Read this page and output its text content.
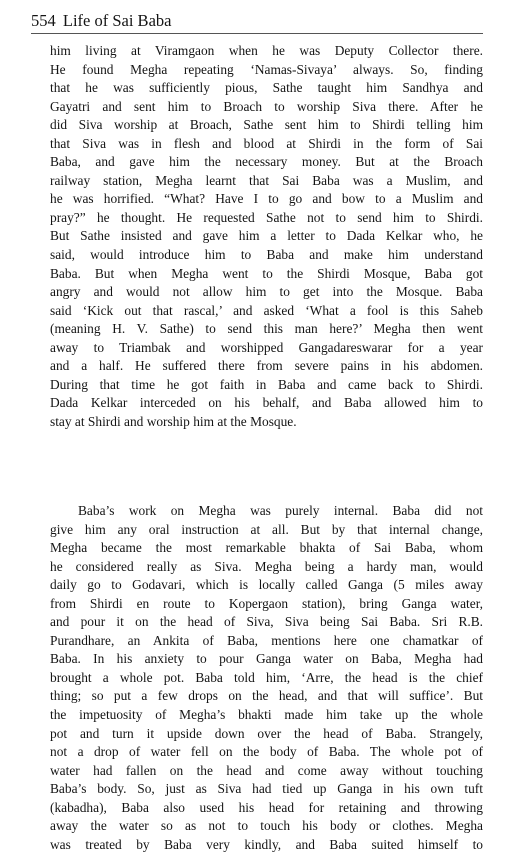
554 Life of Sai Baba
him living at Viramgaon when he was Deputy Collector there.
He found Megha repeating ‘Namas-Sivaya’ always. So, finding
that he was sufficiently pious, Sathe taught him Sandhya and
Gayatri and sent him to Broach to worship Siva there. After he
did Siva worship at Broach, Sathe sent him to Shirdi telling him
that Siva was in flesh and blood at Shirdi in the form of Sai
Baba, and gave him the necessary money. But at the Broach
railway station, Megha learnt that Sai Baba was a Muslim, and
he was horrified. “What? Have I to go and bow to a Muslim and
pray?” he thought. He requested Sathe not to send him to Shirdi.
But Sathe insisted and gave him a letter to Dada Kelkar who, he
said, would introduce him to Baba and make him understand
Baba. But when Megha went to the Shirdi Mosque, Baba got
angry and would not allow him to get into the Mosque. Baba
said ‘Kick out that rascal,’ and asked ‘What a fool is this Saheb
(meaning H. V. Sathe) to send this man here?’ Megha then went
away to Triambak and worshipped Gangadareswarar for a year
and a half. He suffered there from severe pains in his abdomen.
During that time he got faith in Baba and came back to Shirdi.
Dada Kelkar interceded on his behalf, and Baba allowed him to
stay at Shirdi and worship him at the Mosque.
Baba’s work on Megha was purely internal. Baba did not
give him any oral instruction at all. But by that internal change,
Megha became the most remarkable bhakta of Sai Baba, whom
he considered really as Siva. Megha being a hardy man, would
daily go to Godavari, which is locally called Ganga (5 miles away
from Shirdi en route to Kopergaon station), bring Ganga water,
and pour it on the head of Siva, Siva being Sai Baba. Sri R.B.
Purandhare, an Ankita of Baba, mentions here one chamatkar of
Baba. In his anxiety to pour Ganga water on Baba, Megha had
brought a whole pot. Baba told him, ‘Arre, the head is the chief
thing; so put a few drops on the head, and that will suffice’. But
the impetuosity of Megha’s bhakti made him take up the whole
pot and turn it upside down over the head of Baba. Strangely,
not a drop of water fell on the body of Baba. The whole pot of
water had fallen on the head and come away without touching
Baba’s body. So, just as Siva had tied up Ganga in his own tuft
(kabadha), Baba also used his head for retaining and throwing
away the water so as not to touch his body or clothes. Megha
was treated by Baba very kindly, and Baba suited himself to
